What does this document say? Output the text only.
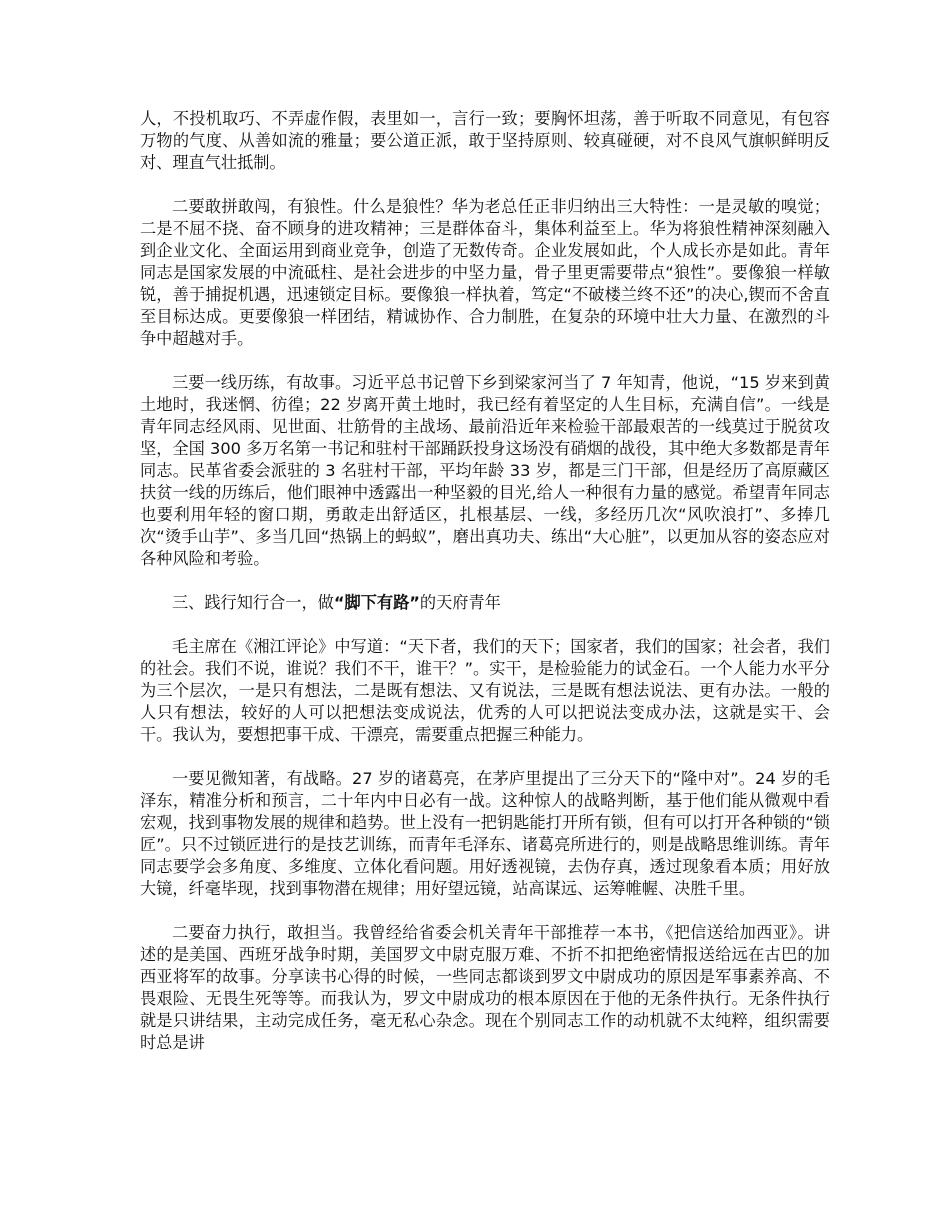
人，不投机取巧、不弄虚作假，表里如一，言行一致；要胸怀坦荡，善于听取不同意见，有包容万物的气度、从善如流的雅量；要公道正派，敢于坚持原则、较真碰硬，对不良风气旗帜鲜明反对、理直气壮抵制。

二要敢拼敢闯，有狼性。什么是狼性？华为老总任正非归纳出三大特性：一是灵敏的嗅觉；二是不屈不挠、奋不顾身的进攻精神；三是群体奋斗，集体利益至上。华为将狼性精神深刻融入到企业文化、全面运用到商业竞争，创造了无数传奇。企业发展如此，个人成长亦是如此。青年同志是国家发展的中流砥柱、是社会进步的中坚力量，骨子里更需要带点“狼性”。要像狼一样敏锐，善于捕捉机遇，迅速锁定目标。要像狼一样执着，笃定“不破楼兰终不还”的决心,锲而不舍直至目标达成。更要像狼一样团结，精诚协作、合力制胜，在复杂的环境中壮大力量、在激烈的斗争中超越对手。

三要一线历练，有故事。习近平总书记曾下乡到梁家河当了 7 年知青，他说，“15 岁来到黄土地时，我迷惘、彷徨；22 岁离开黄土地时，我已经有着坚定的人生目标，充满自信”。一线是青年同志经风雨、见世面、壮筋骨的主战场、最前沿近年来检验干部最艰苦的一线莫过于脱贫攻坚，全国 300 多万名第一书记和驻村干部踊跃投身这场没有硝烟的战役，其中绝大多数都是青年同志。民革省委会派驻的 3 名驻村干部，平均年龄 33 岁，都是三门干部，但是经历了高原藏区扶贫一线的历练后，他们眼神中透露出一种坚毅的目光,给人一种很有力量的感觉。希望青年同志也要利用年轻的窗口期，勇敢走出舒适区，扎根基层、一线，多经历几次“风吹浪打”、多捧几次“烫手山芋”、多当几回“热锅上的蚂蚁”，磨出真功夫、练出“大心脏”，以更加从容的姿态应对各种风险和考验。

三、践行知行合一，做“脚下有路”的天府青年

毛主席在《湘江评论》中写道：“天下者，我们的天下；国家者，我们的国家；社会者，我们的社会。我们不说，谁说？我们不干，谁干？”。实干，是检验能力的试金石。一个人能力水平分为三个层次，一是只有想法，二是既有想法、又有说法，三是既有想法说法、更有办法。一般的人只有想法，较好的人可以把想法变成说法，优秀的人可以把说法变成办法，这就是实干、会干。我认为，要想把事干成、干漂亮，需要重点把握三种能力。

一要见微知著，有战略。27 岁的诸葛亮，在茅庐里提出了三分天下的“隆中对”。24 岁的毛泽东，精准分析和预言，二十年内中日必有一战。这种惊人的战略判断，基于他们能从微观中看宏观，找到事物发展的规律和趋势。世上没有一把钥匙能打开所有锁，但有可以打开各种锁的“锁匠”。只不过锁匠进行的是技艺训练，而青年毛泽东、诸葛亮所进行的，则是战略思维训练。青年同志要学会多角度、多维度、立体化看问题。用好透视镜，去伪存真，透过现象看本质；用好放大镜，纤毫毕现，找到事物潜在规律；用好望远镜，站高谋远、运筹帷幄、决胜千里。

二要奋力执行，敢担当。我曾经给省委会机关青年干部推荐一本书，《把信送给加西亚》。讲述的是美国、西班牙战争时期，美国罗文中尉克服万难、不折不扣把绝密情报送给远在古巴的加西亚将军的故事。分享读书心得的时候，一些同志都谈到罗文中尉成功的原因是军事素养高、不畏艰险、无畏生死等等。而我认为，罗文中尉成功的根本原因在于他的无条件执行。无条件执行就是只讲结果，主动完成任务，毫无私心杂念。现在个别同志工作的动机就不太纯粹，组织需要时总是讲
